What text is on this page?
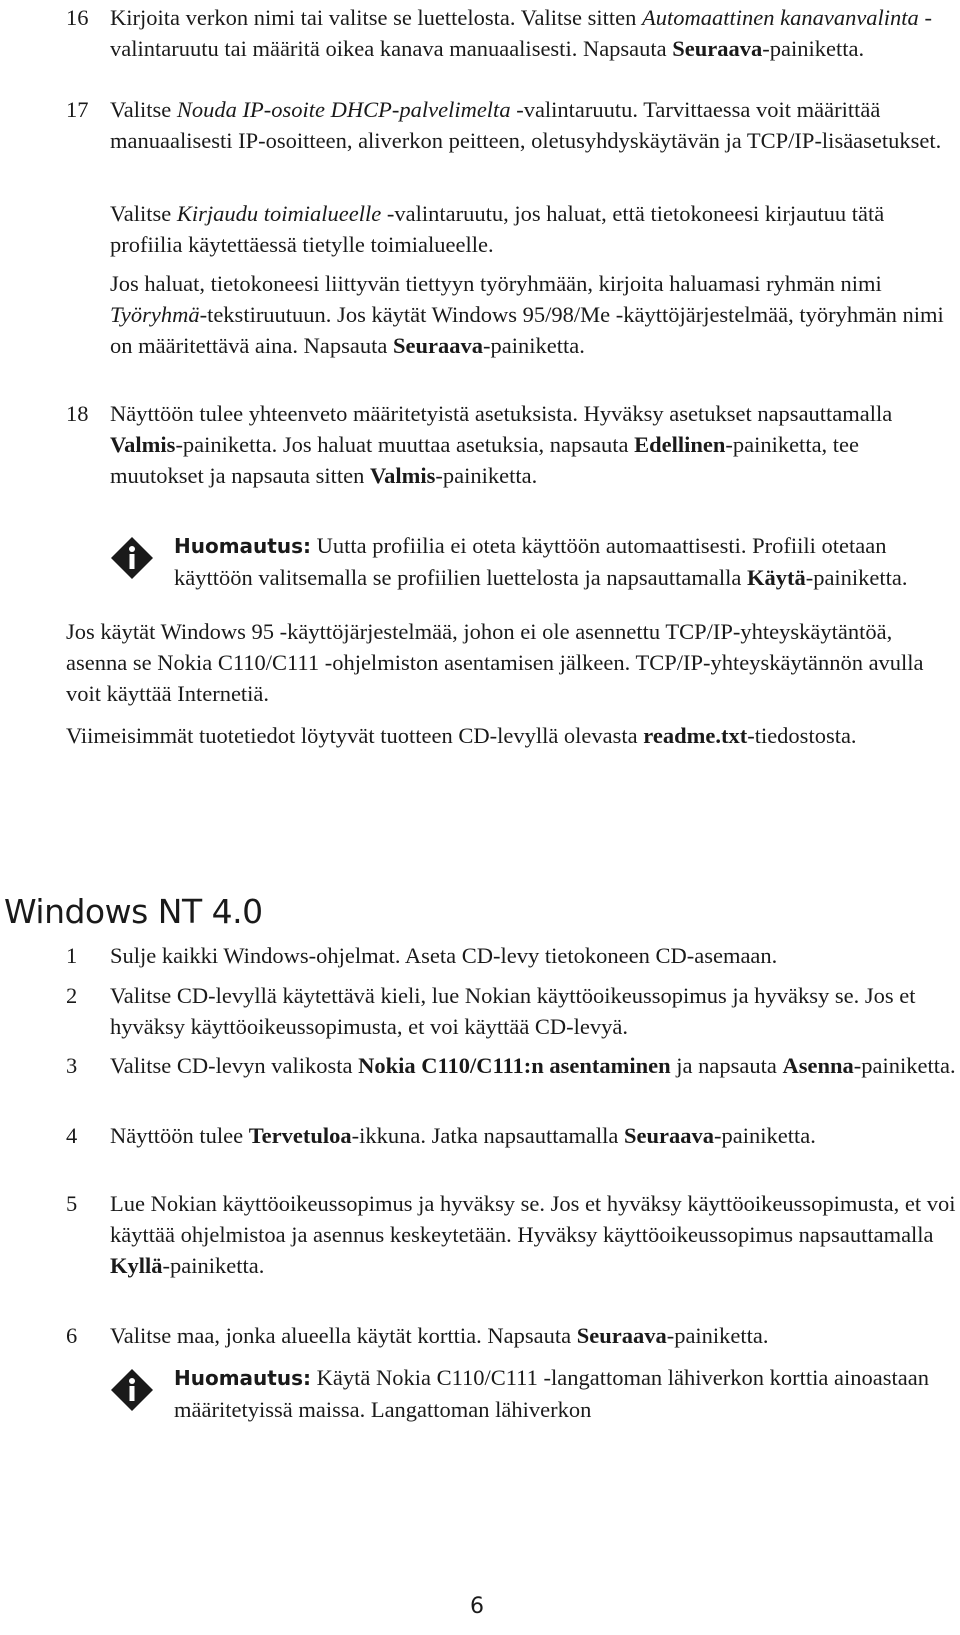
16 Kirjoita verkon nimi tai valitse se luettelosta. Valitse sitten Automaattinen kanavanvalinta -valintaruutu tai määritä oikea kanava manuaalisesti. Napsauta Seuraava-painiketta.
17 Valitse Nouda IP-osoite DHCP-palvelimelta -valintaruutu. Tarvittaessa voit määrittää manuaalisesti IP-osoitteen, aliverkon peitteen, oletusyhdyskäytävän ja TCP/IP-lisäasetukset.
Valitse Kirjaudu toimialueelle -valintaruutu, jos haluat, että tietokoneesi kirjautuu tätä profiilia käytettäessä tietylle toimialueelle.
Jos haluat, tietokoneesi liittyvän tiettyyn työryhmään, kirjoita haluamasi ryhmän nimi Työryhmä-tekstiruutuun. Jos käytät Windows 95/98/Me -käyttöjärjestelmää, työryhmän nimi on määritettävä aina. Napsauta Seuraava-painiketta.
18 Näyttöön tulee yhteenveto määritetyistä asetuksista. Hyväksy asetukset napsauttamalla Valmis-painiketta. Jos haluat muuttaa asetuksia, napsauta Edellinen-painiketta, tee muutokset ja napsauta sitten Valmis-painiketta.
Huomautus: Uutta profiilia ei oteta käyttöön automaattisesti. Profiili otetaan käyttöön valitsemalla se profiilien luettelosta ja napsauttamalla Käytä-painiketta.
Jos käytät Windows 95 -käyttöjärjestelmää, johon ei ole asennettu TCP/IP-yhteyskäytäntöä, asenna se Nokia C110/C111 -ohjelmiston asentamisen jälkeen. TCP/IP-yhteyskäytännön avulla voit käyttää Internetiä.
Viimeisimmät tuotetiedot löytyvät tuotteen CD-levyllä olevasta readme.txt-tiedostosta.
Windows NT 4.0
1	Sulje kaikki Windows-ohjelmat. Aseta CD-levy tietokoneen CD-asemaan.
2	Valitse CD-levyllä käytettävä kieli, lue Nokian käyttöoikeussopimus ja hyväksy se. Jos et hyväksy käyttöoikeussopimusta, et voi käyttää CD-levyä.
3	Valitse CD-levyn valikosta Nokia C110/C111:n asentaminen ja napsauta Asenna-painiketta.
4	Näyttöön tulee Tervetuloa-ikkuna. Jatka napsauttamalla Seuraava-painiketta.
5	Lue Nokian käyttöoikeussopimus ja hyväksy se. Jos et hyväksy käyttöoikeussopimusta, et voi käyttää ohjelmistoa ja asennus keskeytetään. Hyväksy käyttöoikeussopimus napsauttamalla Kyllä-painiketta.
6	Valitse maa, jonka alueella käytät korttia. Napsauta Seuraava-painiketta.
Huomautus: Käytä Nokia C110/C111 -langattoman lähiverkon korttia ainoastaan määritetyissä maissa. Langattoman lähiverkon
6
